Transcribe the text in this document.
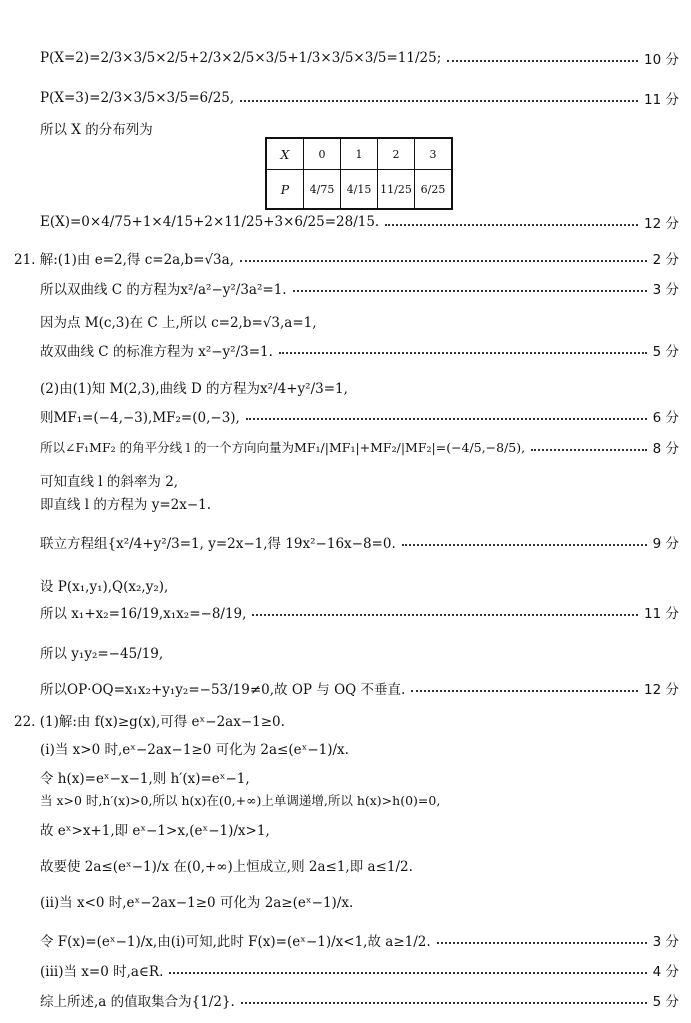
P(X=2)=2/3×3/5×2/5+2/3×2/5×3/5+1/3×3/5×3/5=11/25;	10 分
P(X=3)=2/3×3/5×3/5=6/25,	11 分
所以 X 的分布列为
X	0	1	2	3
P	4/75	4/15	11/25	6/25
E(X)=0×4/75+1×4/15+2×11/25+3×6/25=28/15.	12 分
21. 解:(1)由 e=2,得 c=2a,b=√3a,	2 分
所以双曲线 C 的方程为x²/a²−y²/3a²=1.	3 分
因为点 M(c,3)在 C 上,所以 c=2,b=√3,a=1,
故双曲线 C 的标准方程为 x²−y²/3=1.	5 分
(2)由(1)知 M(2,3),曲线 D 的方程为x²/4+y²/3=1,
则MF₁=(−4,−3),MF₂=(0,−3),	6 分
所以∠F₁MF₂ 的角平分线 l 的一个方向向量为MF₁/|MF₁|+MF₂/|MF₂|=(−4/5,−8/5),	8 分
可知直线 l 的斜率为 2,
即直线 l 的方程为 y=2x−1.
联立方程组{x²/4+y²/3=1, y=2x−1,得 19x²−16x−8=0.	9 分
设 P(x₁,y₁),Q(x₂,y₂),
所以 x₁+x₂=16/19,x₁x₂=−8/19,	11 分
所以 y₁y₂=−45/19,
所以OP·OQ=x₁x₂+y₁y₂=−53/19≠0,故 OP 与 OQ 不垂直.	12 分
22. (1)解:由 f(x)≥g(x),可得 eˣ−2ax−1≥0.
(i)当 x>0 时,eˣ−2ax−1≥0 可化为 2a≤(eˣ−1)/x.
令 h(x)=eˣ−x−1,则 h′(x)=eˣ−1,
当 x>0 时,h′(x)>0,所以 h(x)在(0,+∞)上单调递增,所以 h(x)>h(0)=0,
故 eˣ>x+1,即 eˣ−1>x,(eˣ−1)/x>1,
故要使 2a≤(eˣ−1)/x 在(0,+∞)上恒成立,则 2a≤1,即 a≤1/2.
(ii)当 x<0 时,eˣ−2ax−1≥0 可化为 2a≥(eˣ−1)/x.
令 F(x)=(eˣ−1)/x,由(i)可知,此时 F(x)=(eˣ−1)/x<1,故 a≥1/2.	3 分
(iii)当 x=0 时,a∈R.	4 分
综上所述,a 的值取集合为{1/2}.	5 分
